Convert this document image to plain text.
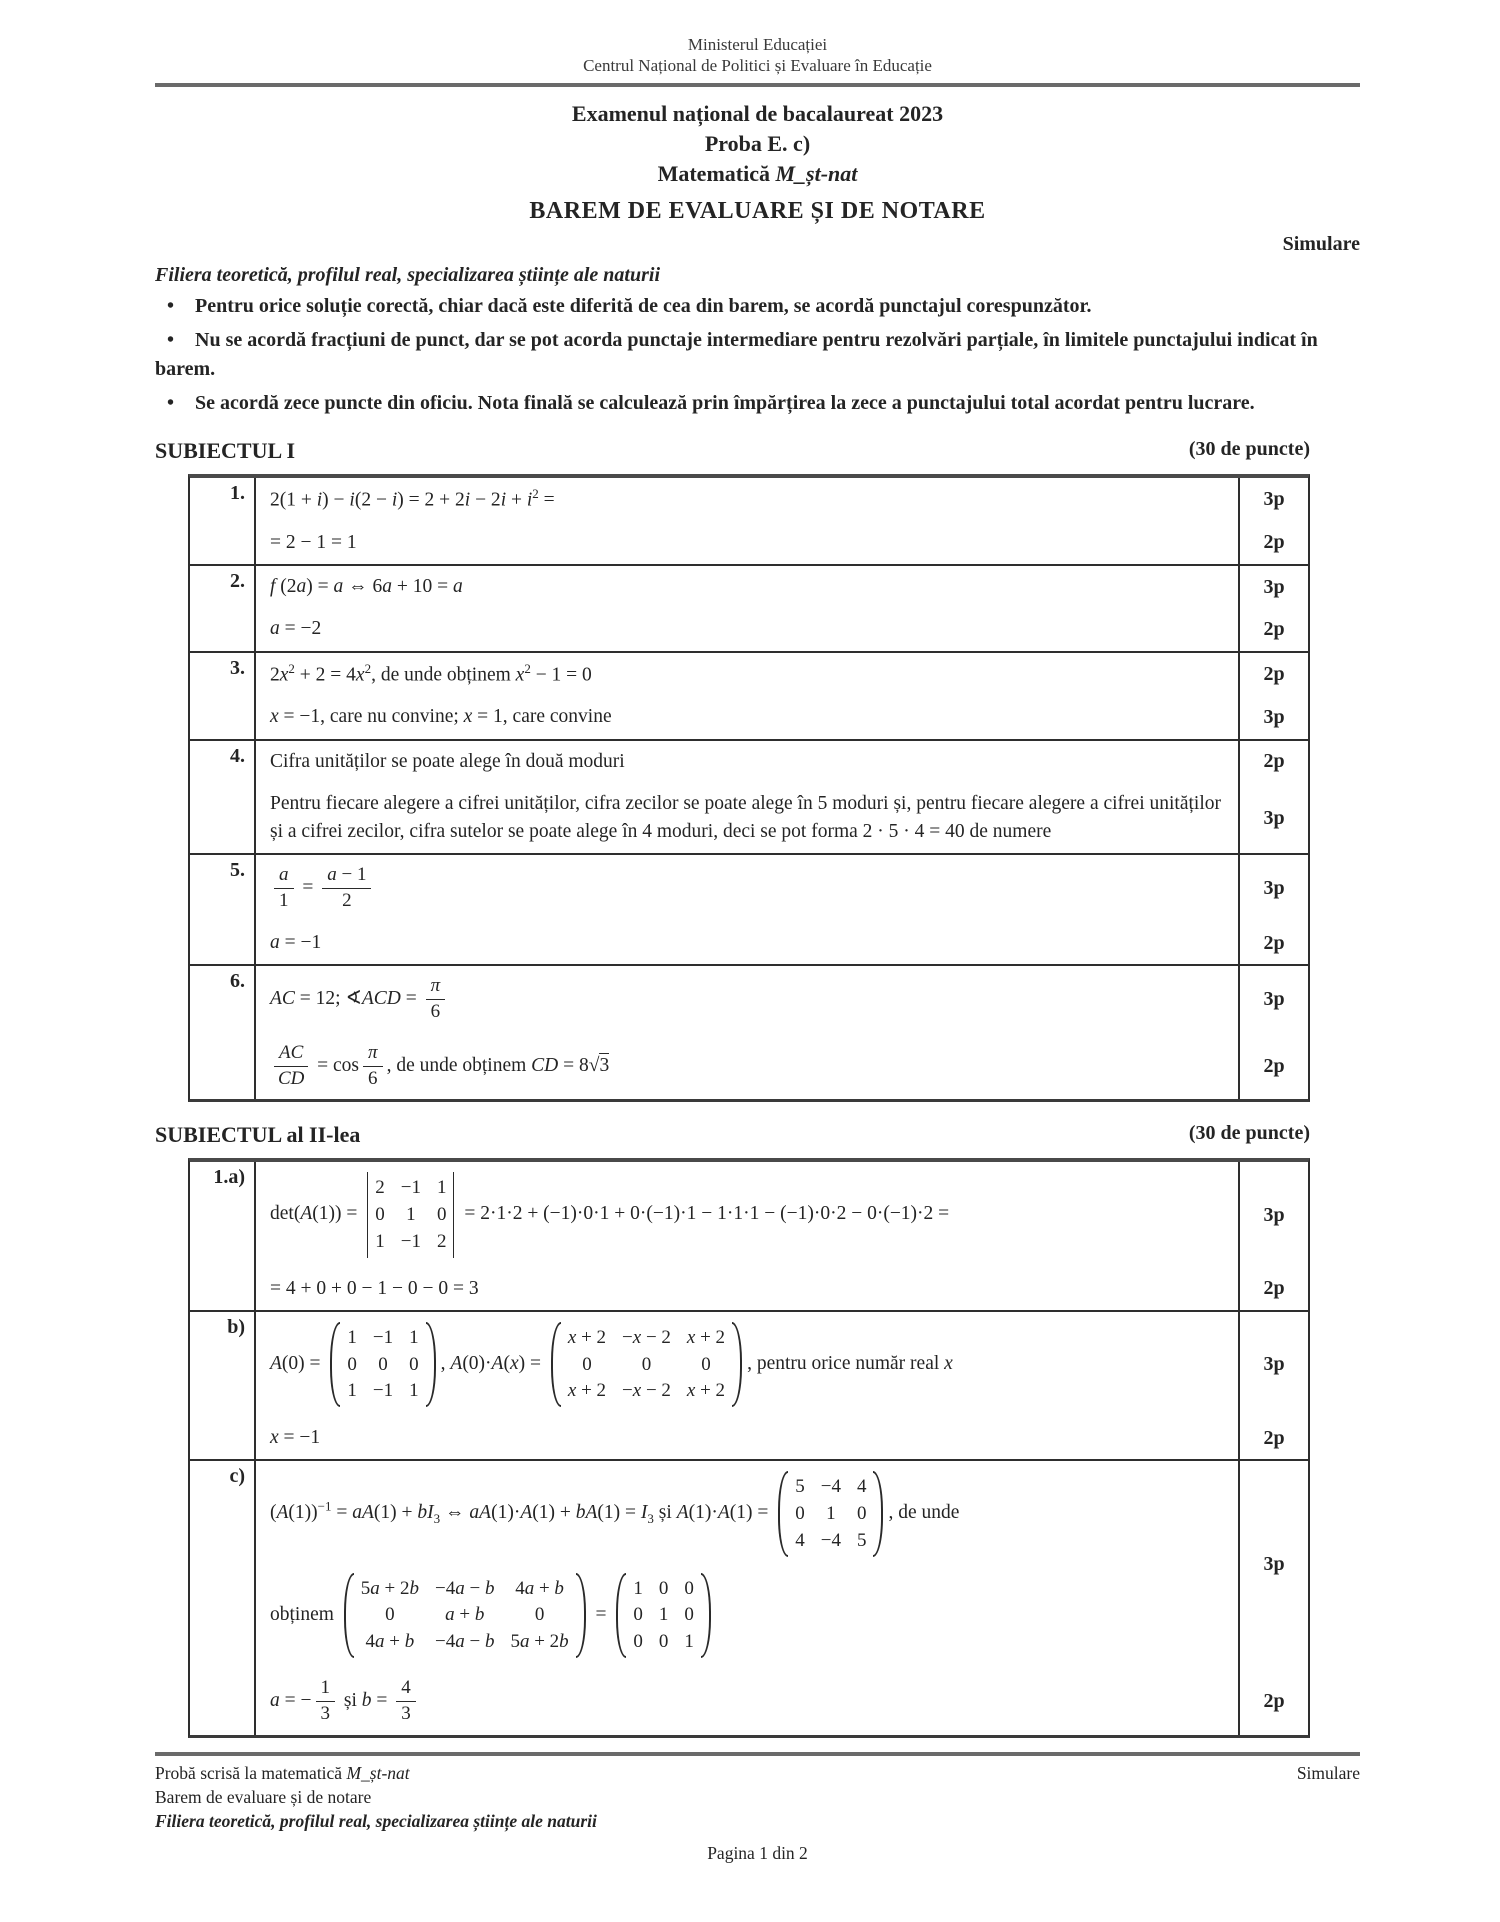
Ministerul Educației
Centrul Național de Politici și Evaluare în Educație
Examenul național de bacalaureat 2023
Proba E. c)
Matematică M_șt-nat
BAREM DE EVALUARE ȘI DE NOTARE
Simulare
Filiera teoretică, profilul real, specializarea științe ale naturii

• Pentru orice soluție corectă, chiar dacă este diferită de cea din barem, se acordă punctajul corespunzător.

• Nu se acordă fracțiuni de punct, dar se pot acorda punctaje intermediare pentru rezolvări parțiale, în limitele punctajului indicat în barem.

• Se acordă zece puncte din oficiu. Nota finală se calculează prin împărțirea la zece a punctajului total acordat pentru lucrare.

SUBIECTUL I	(30 de puncte)
1.	$2(1 + i) - i(2 - i) = 2 + 2i - 2i + i^2$ =	3p
= 2 − 1 = 1	2p
2.	f (2a) = a ⇔ 6a + 10 = a	3p
a = −2	2p
3.	$2x^2 + 2 = 4x^2$, de unde obținem $x^2 - 1 = 0$	2p
x = −1, care nu convine; x = 1, care convine	3p
4.	Cifra unităților se poate alege în două moduri	2p
Pentru fiecare alegere a cifrei unităților, cifra zecilor se poate alege în 5 moduri și, pentru fiecare alegere a cifrei unităților și a cifrei zecilor, cifra sutelor se poate alege în 4 moduri, deci se pot forma 2 · 5 · 4 = 40 de numere
3p
5.	$\frac{a}{1} = \frac{a - 1}{2}$	3p
a = −1	2p
6.
AC = 12; ∢ACD = $\frac{\pi}{6}$	3p
$\frac{AC}{CD} = \cos \frac{\pi}{6}$ , de unde obținem CD = 8√3	2p
SUBIECTUL al II-lea	(30 de puncte)
1.a)
det(A(1)) =
2 −1 1
0 1 0
1 −1 2
= 2·1·2 + (−1)·0·1 + 0·(−1)·1 − 1·1·1 − (−1)·0·2 − 0·(−1)·2 =	3p
= 4 + 0 + 0 − 1 − 0 − 0 = 3	2p
b)
A(0) =
1 −1 1
0 0 0
1 −1 1
, A(0)·A(x) =
x + 2 −x − 2 x + 2
0	0	0
x + 2 −x − 2 x + 2
, pentru orice număr real x	3p
x = −1	2p
c)
$(A(1))^{-1} = aA(1) + bI_3$ ⇔ $aA(1)\cdot A(1) + bA(1) = I_3$ și A(1)·A(1) =
5 −4 4
0 1 0
4 −4 5
, de unde
obținem
5a + 2b −4a − b 4a + b
0	a + b	0
4a + b −4a − b 5a + 2b
=
1 0 0
0 1 0
0 0 1
3p
a = − $\frac{1}{3}$ și $b = \frac{4}{3}$	2p
Probă scrisă la matematică M_șt-nat	Simulare
Barem de evaluare și de notare
Filiera teoretică, profilul real, specializarea științe ale naturii
Pagina 1 din 2
